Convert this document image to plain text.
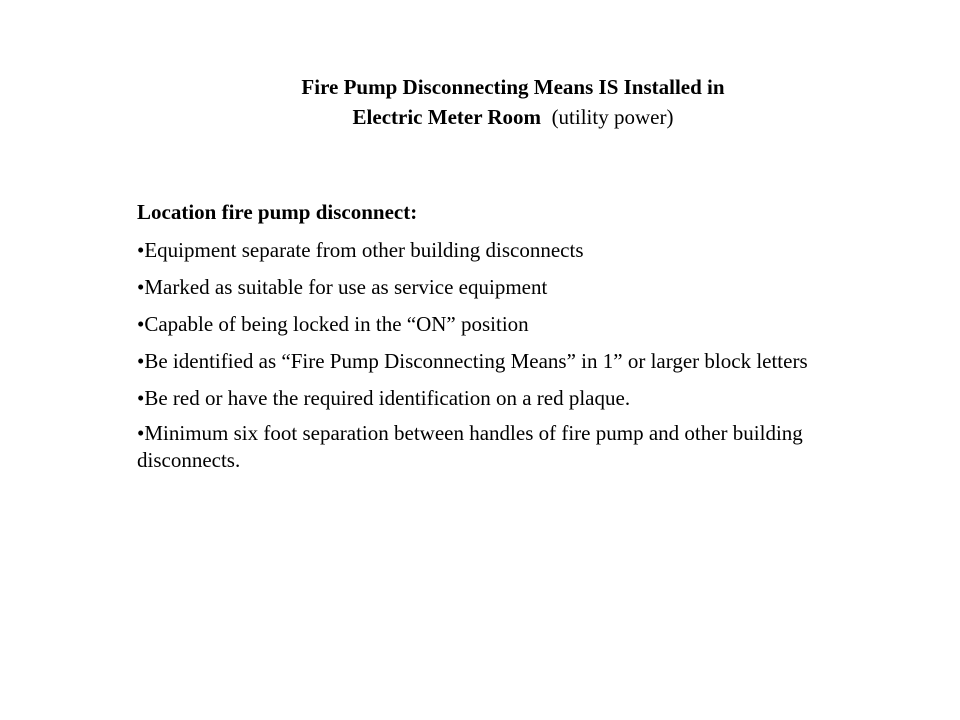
Fire Pump Disconnecting Means IS Installed in
Electric Meter Room (utility power)
Location fire pump disconnect:
•Equipment separate from other building disconnects
•Marked as suitable for use as service equipment
•Capable of being locked in the “ON” position
•Be identified as “Fire Pump Disconnecting Means” in 1” or larger block letters
•Be red or have the required identification on a red plaque.
•Minimum six foot separation between handles of fire pump and other building disconnects.
